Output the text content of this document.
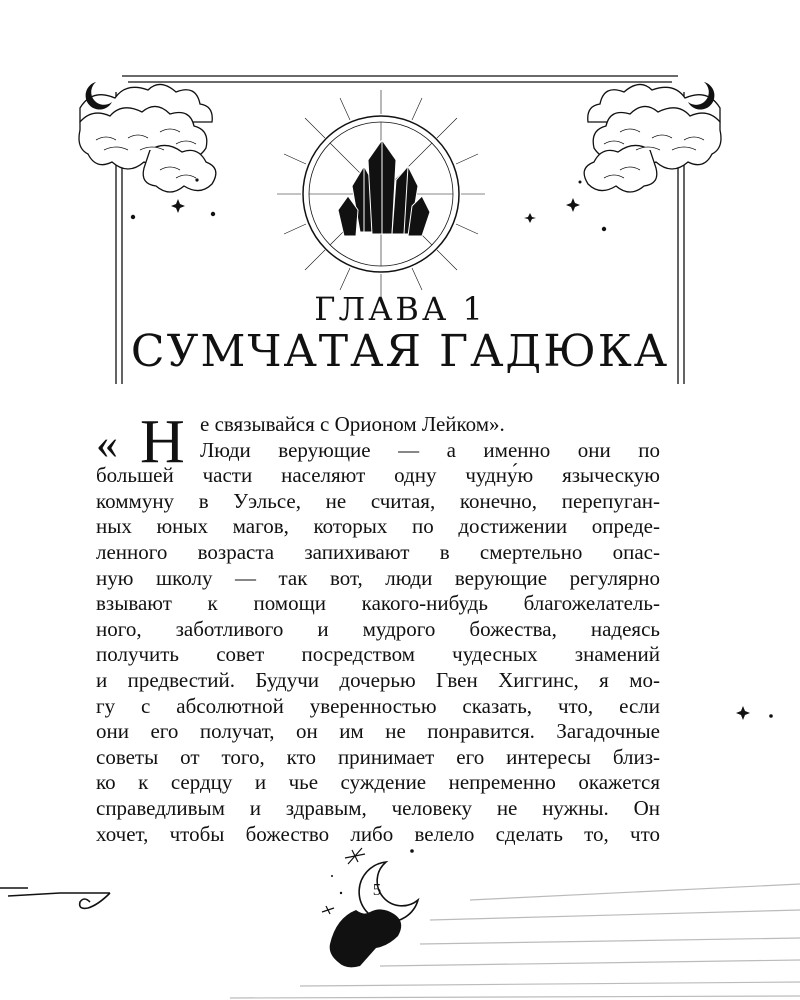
ГЛАВА 1
СУМЧАТАЯ ГАДЮКА
« Н е связывайся с Орионом Лейком».
Люди верующие — а именно они по
большей части населяют одну чудну́ю языческую
коммуну в Уэльсе, не считая, конечно, перепуган-
ных юных магов, которых по достижении опреде-
ленного возраста запихивают в смертельно опас-
ную школу — так вот, люди верующие регулярно
взывают к помощи какого-нибудь благожелатель-
ного, заботливого и мудрого божества, надеясь
получить совет посредством чудесных знамений
и предвестий. Будучи дочерью Гвен Хиггинс, я мо-
гу с абсолютной уверенностью сказать, что, если
они его получат, он им не понравится. Загадочные
советы от того, кто принимает его интересы близ-
ко к сердцу и чье суждение непременно окажется
справедливым и здравым, человеку не нужны. Он
хочет, чтобы божество либо велело сделать то, что
5
